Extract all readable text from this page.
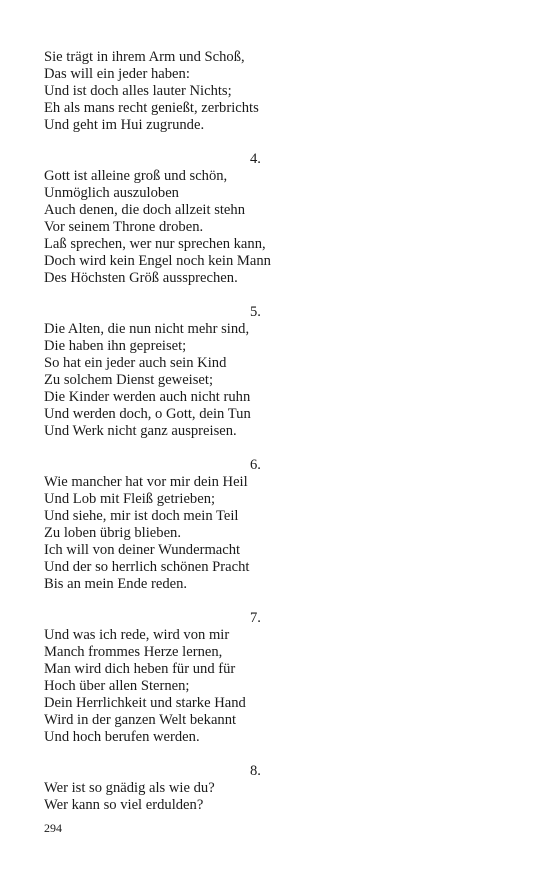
Sie trägt in ihrem Arm und Schoß,
Das will ein jeder haben:
Und ist doch alles lauter Nichts;
Eh als mans recht genießt, zerbrichts
Und geht im Hui zugrunde.
4.
Gott ist alleine groß und schön,
Unmöglich auszuloben
Auch denen, die doch allzeit stehn
Vor seinem Throne droben.
Laß sprechen, wer nur sprechen kann,
Doch wird kein Engel noch kein Mann
Des Höchsten Größ aussprechen.
5.
Die Alten, die nun nicht mehr sind,
Die haben ihn gepreiset;
So hat ein jeder auch sein Kind
Zu solchem Dienst geweiset;
Die Kinder werden auch nicht ruhn
Und werden doch, o Gott, dein Tun
Und Werk nicht ganz auspreisen.
6.
Wie mancher hat vor mir dein Heil
Und Lob mit Fleiß getrieben;
Und siehe, mir ist doch mein Teil
Zu loben übrig blieben.
Ich will von deiner Wundermacht
Und der so herrlich schönen Pracht
Bis an mein Ende reden.
7.
Und was ich rede, wird von mir
Manch frommes Herze lernen,
Man wird dich heben für und für
Hoch über allen Sternen;
Dein Herrlichkeit und starke Hand
Wird in der ganzen Welt bekannt
Und hoch berufen werden.
8.
Wer ist so gnädig als wie du?
Wer kann so viel erdulden?
294
